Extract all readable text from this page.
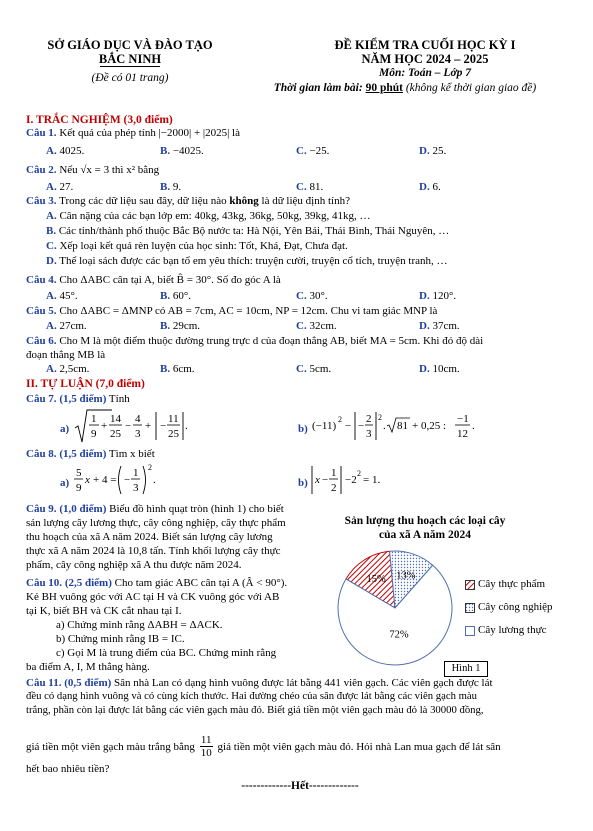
SỞ GIÁO DỤC VÀ ĐÀO TẠO
BẮC NINH
(Đề có 01 trang)
ĐỀ KIỂM TRA CUỐI HỌC KỲ I
NĂM HỌC 2024 – 2025
Môn: Toán – Lớp 7
Thời gian làm bài: 90 phút (không kể thời gian giao đề)
I. TRẮC NGHIỆM (3,0 điểm)
Câu 1. Kết quả của phép tính |−2000| + |2025| là
A. 4025.	B. −4025.	C. −25.	D. 25.
Câu 2. Nếu √x = 3 thì x² bằng
A. 27.	B. 9.	C. 81.	D. 6.
Câu 3. Trong các dữ liệu sau đây, dữ liệu nào không là dữ liệu định tính?
A. Cân nặng của các bạn lớp em: 40kg, 43kg, 36kg, 50kg, 39kg, 41kg, …
B. Các tỉnh/thành phố thuộc Bắc Bộ nước ta: Hà Nội, Yên Bái, Thái Bình, Thái Nguyên, …
C. Xếp loại kết quả rèn luyện của học sinh: Tốt, Khá, Đạt, Chưa đạt.
D. Thể loại sách được các bạn tổ em yêu thích: truyện cười, truyện cổ tích, truyện tranh, …
Câu 4. Cho ΔABC cân tại A, biết B̂ = 30°. Số đo góc A là
A. 45°.	B. 60°.	C. 30°.	D. 120°.
Câu 5. Cho ΔABC = ΔMNP có AB = 7cm, AC = 10cm, NP = 12cm. Chu vi tam giác MNP là
A. 27cm.	B. 29cm.	C. 32cm.	D. 37cm.
Câu 6. Cho M là một điểm thuộc đường trung trực d của đoạn thẳng AB, biết MA = 5cm. Khi đó độ dài
đoạn thẳng MB là
A. 2,5cm.	B. 6cm.	C. 5cm.	D. 10cm.
II. TỰ LUẬN (7,0 điểm)
Câu 7. (1,5 điểm) Tính
a)
1
9
+
14
25
−
4
3
+ −
11
25
.	b) (−11)
2
− −
2
3
2
. 81 + 0,25 :
−1
12
.
Câu 8. (1,5 điểm) Tìm x biết
a)
5
9
x + 4 = −
1
3
2
.	b) x −
1
2
−2
2
= 1.
Câu 9. (1,0 điểm) Biểu đồ hình quạt tròn (hình 1) cho biết
sản lượng cây lương thực, cây công nghiệp, cây thực phẩm
thu hoạch của xã A năm 2024. Biết sản lượng cây lương
thực xã A năm 2024 là 10,8 tấn. Tính khối lượng cây thực
phẩm, cây công nghiệp xã A thu được năm 2024.
Câu 10. (2,5 điểm) Cho tam giác ABC cân tại A (Â < 90°).
Kẻ BH vuông góc với AC tại H và CK vuông góc với AB
tại K, biết BH và CK cắt nhau tại I.
a) Chứng minh rằng ΔABH = ΔACK.
b) Chứng minh rằng IB = IC.
c) Gọi M là trung điểm của BC. Chứng minh rằng
ba điểm A, I, M thẳng hàng.
Sản lượng thu hoạch các loại cây
của xã A năm 2024
15% 13%
72%
Cây thực phẩm
Cây công nghiệp
Cây lương thực
Hình 1
Câu 11. (0,5 điểm) Sân nhà Lan có dạng hình vuông được lát bằng 441 viên gạch. Các viên gạch được lát
đều có dạng hình vuông và có cùng kích thước. Hai đường chéo của sân được lát bằng các viên gạch màu
trắng, phần còn lại được lát bằng các viên gạch màu đỏ. Biết giá tiền một viên gạch màu đỏ là 30000 đồng,
giá tiền một viên gạch màu trắng bằng $\frac{11}{10}$ giá tiền một viên gạch màu đỏ. Hỏi nhà Lan mua gạch để lát sân
hết bao nhiêu tiền?
-------------Hết-------------
